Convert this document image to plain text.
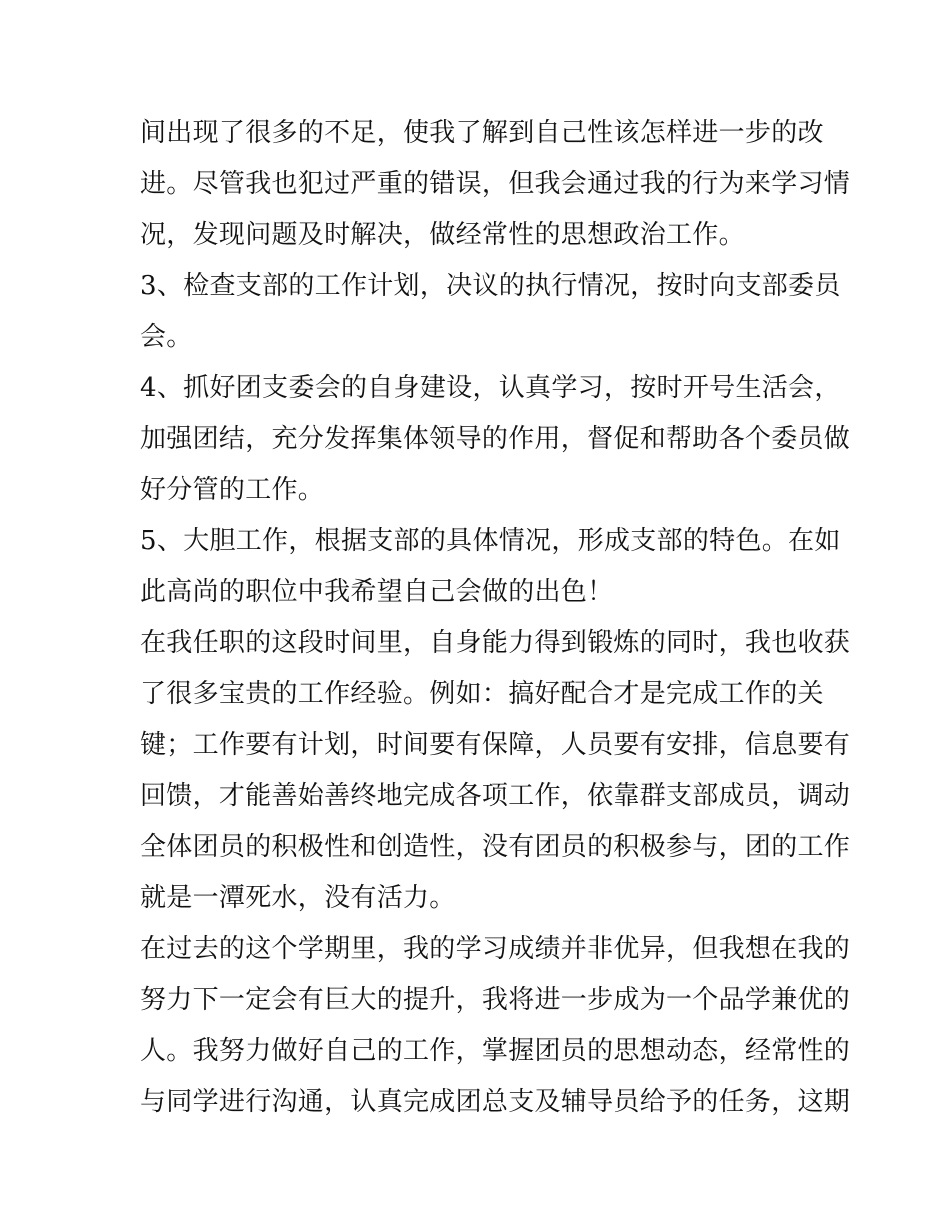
间出现了很多的不足，使我了解到自己性该怎样进一步的改
进。尽管我也犯过严重的错误，但我会通过我的行为来学习情
况，发现问题及时解决，做经常性的思想政治工作。
3、检查支部的工作计划，决议的执行情况，按时向支部委员
会。
4、抓好团支委会的自身建设，认真学习，按时开号生活会，
加强团结，充分发挥集体领导的作用，督促和帮助各个委员做
好分管的工作。
5、大胆工作，根据支部的具体情况，形成支部的特色。在如
此高尚的职位中我希望自己会做的出色！
在我任职的这段时间里，自身能力得到锻炼的同时，我也收获
了很多宝贵的工作经验。例如：搞好配合才是完成工作的关
键；工作要有计划，时间要有保障，人员要有安排，信息要有
回馈，才能善始善终地完成各项工作，依靠群支部成员，调动
全体团员的积极性和创造性，没有团员的积极参与，团的工作
就是一潭死水，没有活力。
在过去的这个学期里，我的学习成绩并非优异，但我想在我的
努力下一定会有巨大的提升，我将进一步成为一个品学兼优的
人。我努力做好自己的工作，掌握团员的思想动态，经常性的
与同学进行沟通，认真完成团总支及辅导员给予的任务，这期
